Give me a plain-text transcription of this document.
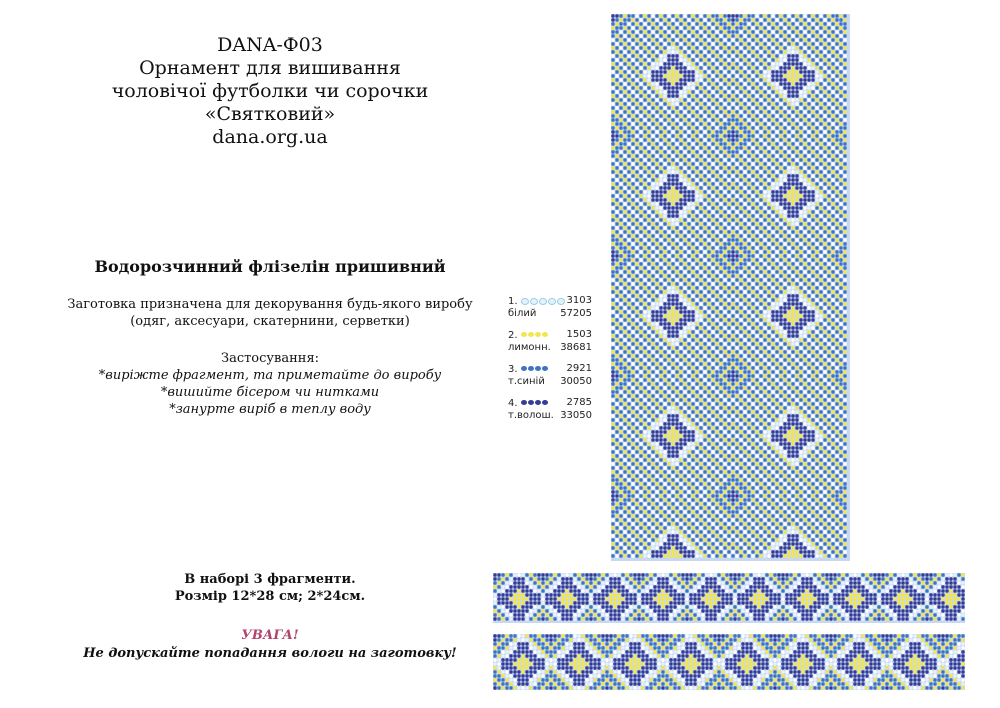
DANA-Ф03
Орнамент для вишивання
чоловічої футболки чи сорочки
«Святковий»
dana.org.ua
Водорозчинний флізелін пришивний
Заготовка призначена для декорування будь-якого виробу
(одяг, аксесуари, скатернини, серветки)
Застосування:
*виріжте фрагмент, та приметайте до виробу
*вишийте бісером чи нитками
*занурте виріб в теплу воду
1.	3103
білий 57205
2.	1503
лимонн. 38681
3.	2921
т.синій 30050
4.	2785
т.волош. 33050
В наборі 3 фрагменти.
Розмір 12*28 см; 2*24см.
УВАГА!
Не допускайте попадання вологи на заготовку!
